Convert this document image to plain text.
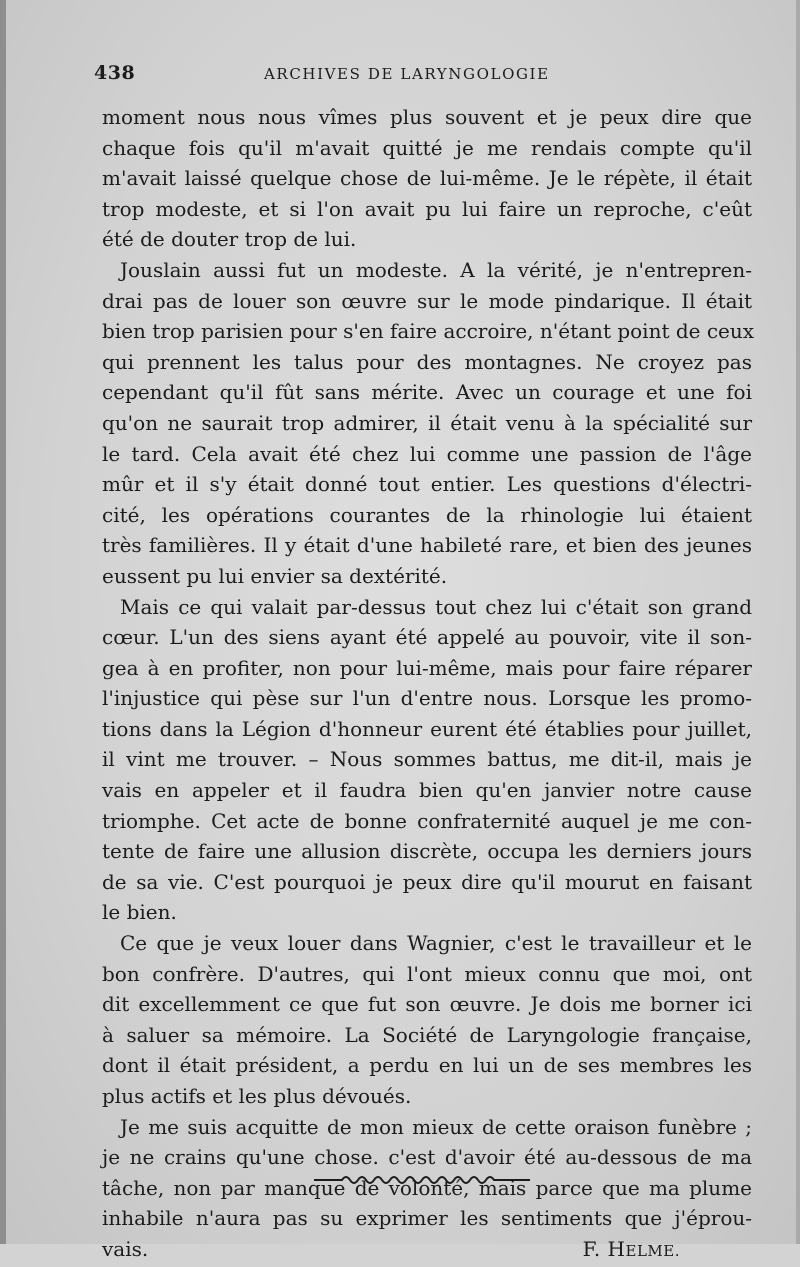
438	ARCHIVES DE LARYNGOLOGIE
moment nous nous vîmes plus souvent et je peux dire que
chaque fois qu'il m'avait quitté je me rendais compte qu'il
m'avait laissé quelque chose de lui-même. Je le répète, il était
trop modeste, et si l'on avait pu lui faire un reproche, c'eût
été de douter trop de lui.
Jouslain aussi fut un modeste. A la vérité, je n'entrepren-
drai pas de louer son œuvre sur le mode pindarique. Il était
bien trop parisien pour s'en faire accroire, n'étant point de ceux
qui prennent les talus pour des montagnes. Ne croyez pas
cependant qu'il fût sans mérite. Avec un courage et une foi
qu'on ne saurait trop admirer, il était venu à la spécialité sur
le tard. Cela avait été chez lui comme une passion de l'âge
mûr et il s'y était donné tout entier. Les questions d'électri-
cité, les opérations courantes de la rhinologie lui étaient
très familières. Il y était d'une habileté rare, et bien des jeunes
eussent pu lui envier sa dextérité.
Mais ce qui valait par-dessus tout chez lui c'était son grand
cœur. L'un des siens ayant été appelé au pouvoir, vite il son-
gea à en profiter, non pour lui-même, mais pour faire réparer
l'injustice qui pèse sur l'un d'entre nous. Lorsque les promo-
tions dans la Légion d'honneur eurent été établies pour juillet,
il vint me trouver. – Nous sommes battus, me dit-il, mais je
vais en appeler et il faudra bien qu'en janvier notre cause
triomphe. Cet acte de bonne confraternité auquel je me con-
tente de faire une allusion discrète, occupa les derniers jours
de sa vie. C'est pourquoi je peux dire qu'il mourut en faisant
le bien.
Ce que je veux louer dans Wagnier, c'est le travailleur et le
bon confrère. D'autres, qui l'ont mieux connu que moi, ont
dit excellemment ce que fut son œuvre. Je dois me borner ici
à saluer sa mémoire. La Société de Laryngologie française,
dont il était président, a perdu en lui un de ses membres les
plus actifs et les plus dévoués.
Je me suis acquitte de mon mieux de cette oraison funèbre ;
je ne crains qu'une chose. c'est d'avoir été au-dessous de ma
tâche, non par manque de volonté, mais parce que ma plume
inhabile n'aura pas su exprimer les sentiments que j'éprou-
vais.	F. HELME.
